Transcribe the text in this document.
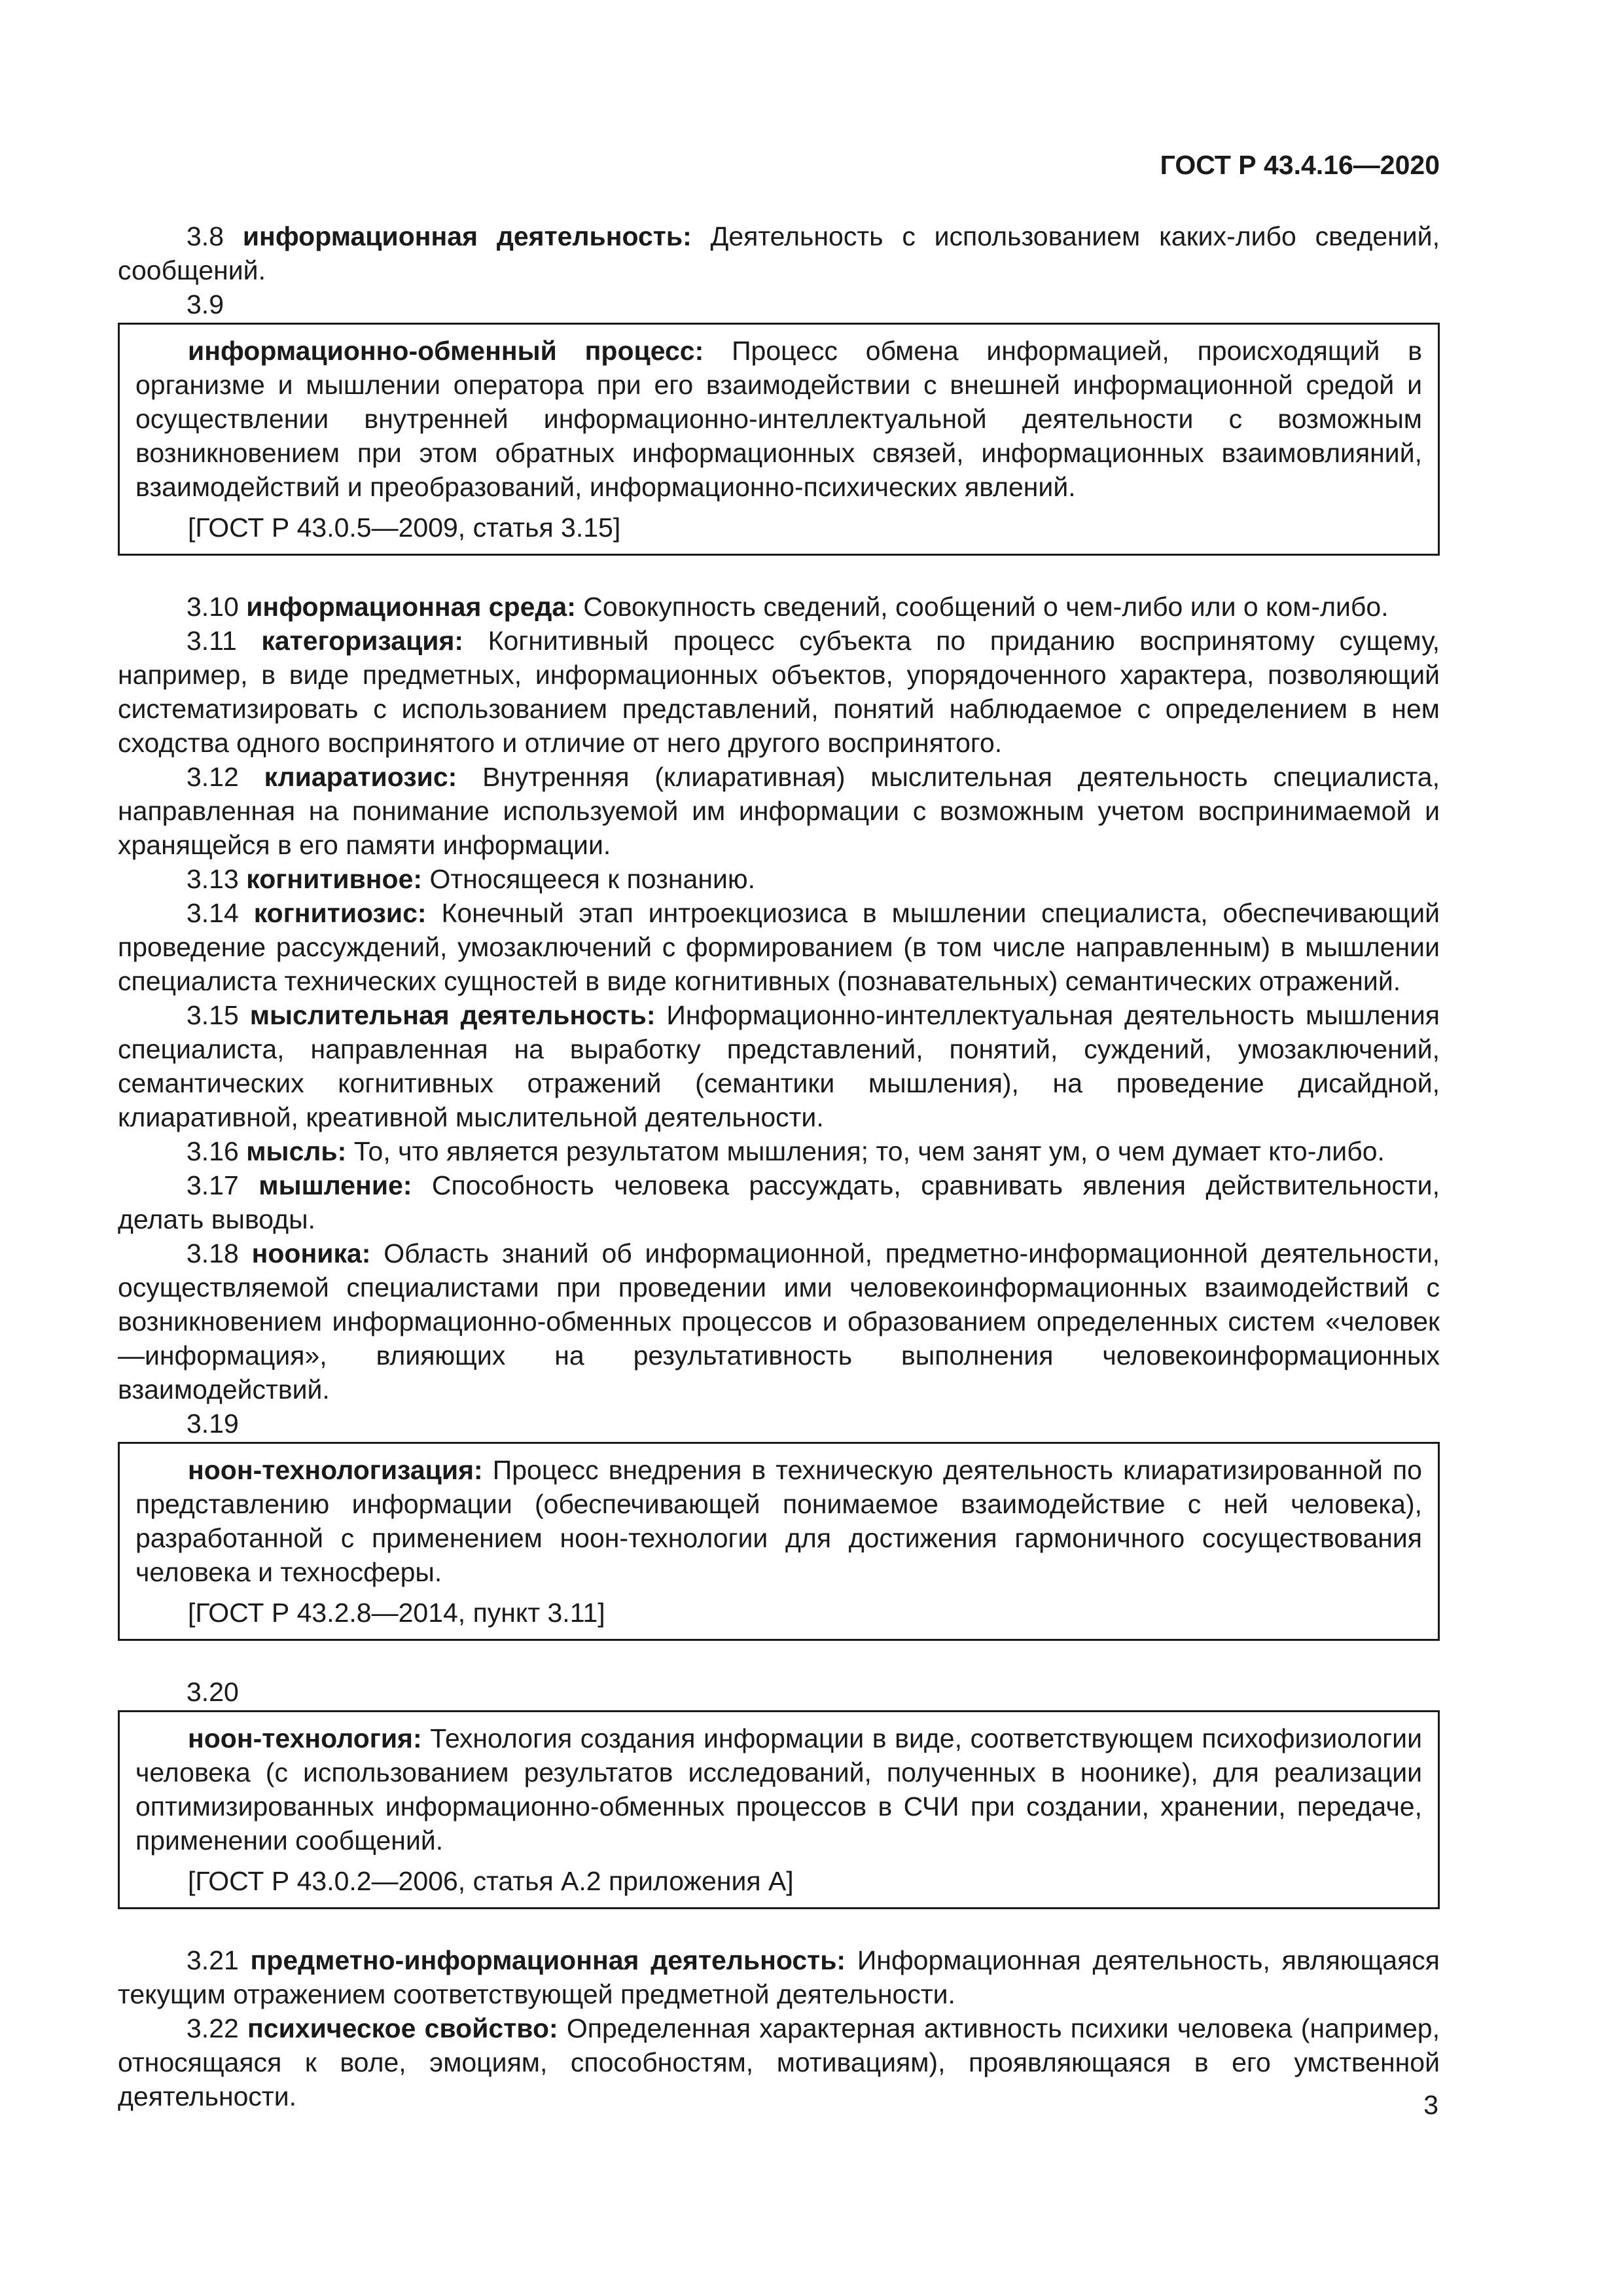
ГОСТ Р 43.4.16—2020

3.8 информационная деятельность: Деятельность с использованием каких-либо сведений, сообщений.

3.9

информационно-обменный процесс: Процесс обмена информацией, происходящий в организме и мышлении оператора при его взаимодействии с внешней информационной средой и осуществлении внутренней информационно-интеллектуальной деятельности с возможным возникновением при этом обратных информационных связей, информационных взаимовлияний, взаимодействий и преобразований, информационно-психических явлений.

[ГОСТ Р 43.0.5—2009, статья 3.15]

3.10 информационная среда: Совокупность сведений, сообщений о чем-либо или о ком-либо.

3.11 категоризация: Когнитивный процесс субъекта по приданию воспринятому сущему, например, в виде предметных, информационных объектов, упорядоченного характера, позволяющий систематизировать с использованием представлений, понятий наблюдаемое с определением в нем сходства одного воспринятого и отличие от него другого воспринятого.

3.12 клиаратиозис: Внутренняя (клиаративная) мыслительная деятельность специалиста, направленная на понимание используемой им информации с возможным учетом воспринимаемой и хранящейся в его памяти информации.

3.13 когнитивное: Относящееся к познанию.

3.14 когнитиозис: Конечный этап интроекциозиса в мышлении специалиста, обеспечивающий проведение рассуждений, умозаключений с формированием (в том числе направленным) в мышлении специалиста технических сущностей в виде когнитивных (познавательных) семантических отражений.

3.15 мыслительная деятельность: Информационно-интеллектуальная деятельность мышления специалиста, направленная на выработку представлений, понятий, суждений, умозаключений, семантических когнитивных отражений (семантики мышления), на проведение дисайдной, клиаративной, креативной мыслительной деятельности.

3.16 мысль: То, что является результатом мышления; то, чем занят ум, о чем думает кто-либо.

3.17 мышление: Способность человека рассуждать, сравнивать явления действительности, делать выводы.

3.18 нооника: Область знаний об информационной, предметно-информационной деятельности, осуществляемой специалистами при проведении ими человекоинформационных взаимодействий с возникновением информационно-обменных процессов и образованием определенных систем «человек—информация», влияющих на результативность выполнения человекоинформационных взаимодействий.

3.19

ноон-технологизация: Процесс внедрения в техническую деятельность клиаратизированной по представлению информации (обеспечивающей понимаемое взаимодействие с ней человека), разработанной с применением ноон-технологии для достижения гармоничного сосуществования человека и техносферы.

[ГОСТ Р 43.2.8—2014, пункт 3.11]

3.20

ноон-технология: Технология создания информации в виде, соответствующем психофизиологии человека (с использованием результатов исследований, полученных в нoонике), для реализации оптимизированных информационно-обменных процессов в СЧИ при создании, хранении, передаче, применении сообщений.

[ГОСТ Р 43.0.2—2006, статья А.2 приложения А]

3.21 предметно-информационная деятельность: Информационная деятельность, являющаяся текущим отражением соответствующей предметной деятельности.

3.22 психическое свойство: Определенная характерная активность психики человека (например, относящаяся к воле, эмоциям, способностям, мотивациям), проявляющаяся в его умственной деятельности.	3
